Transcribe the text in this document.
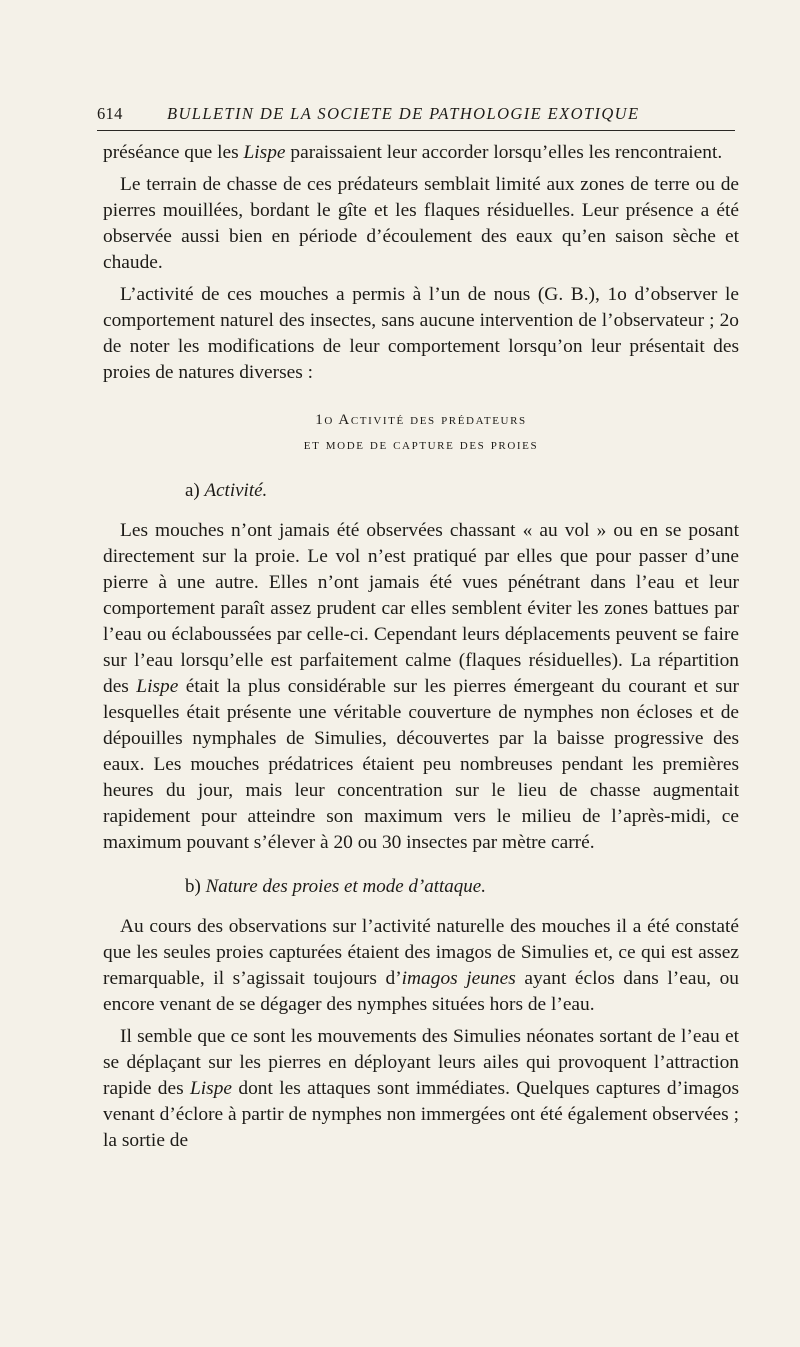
614	BULLETIN DE LA SOCIETE DE PATHOLOGIE EXOTIQUE

préséance que les Lispe paraissaient leur accorder lorsqu’elles les rencontraient.

Le terrain de chasse de ces prédateurs semblait limité aux zones de terre ou de pierres mouillées, bordant le gîte et les flaques résiduelles. Leur présence a été observée aussi bien en période d’écoulement des eaux qu’en saison sèche et chaude.

L’activité de ces mouches a permis à l’un de nous (G. B.), 1o d’observer le comportement naturel des insectes, sans aucune intervention de l’observateur ; 2o de noter les modifications de leur comportement lorsqu’on leur présentait des proies de natures diverses :

1o Activité des prédateurs
et mode de capture des proies
a) Activité.

Les mouches n’ont jamais été observées chassant « au vol » ou en se posant directement sur la proie. Le vol n’est pratiqué par elles que pour passer d’une pierre à une autre. Elles n’ont jamais été vues pénétrant dans l’eau et leur comportement paraît assez prudent car elles semblent éviter les zones battues par l’eau ou éclaboussées par celle-ci. Cependant leurs déplacements peuvent se faire sur l’eau lorsqu’elle est parfaitement calme (flaques résiduelles). La répartition des Lispe était la plus considérable sur les pierres émergeant du courant et sur lesquelles était présente une véritable couverture de nymphes non écloses et de dépouilles nymphales de Simulies, découvertes par la baisse progressive des eaux. Les mouches prédatrices étaient peu nombreuses pendant les premières heures du jour, mais leur concentration sur le lieu de chasse augmentait rapidement pour atteindre son maximum vers le milieu de l’après-midi, ce maximum pouvant s’élever à 20 ou 30 insectes par mètre carré.

b) Nature des proies et mode d’attaque.

Au cours des observations sur l’activité naturelle des mouches il a été constaté que les seules proies capturées étaient des imagos de Simulies et, ce qui est assez remarquable, il s’agissait toujours d’imagos jeunes ayant éclos dans l’eau, ou encore venant de se dégager des nymphes situées hors de l’eau.

Il semble que ce sont les mouvements des Simulies néonates sortant de l’eau et se déplaçant sur les pierres en déployant leurs ailes qui provoquent l’attraction rapide des Lispe dont les attaques sont immédiates. Quelques captures d’imagos venant d’éclore à partir de nymphes non immergées ont été également observées ; la sortie de
